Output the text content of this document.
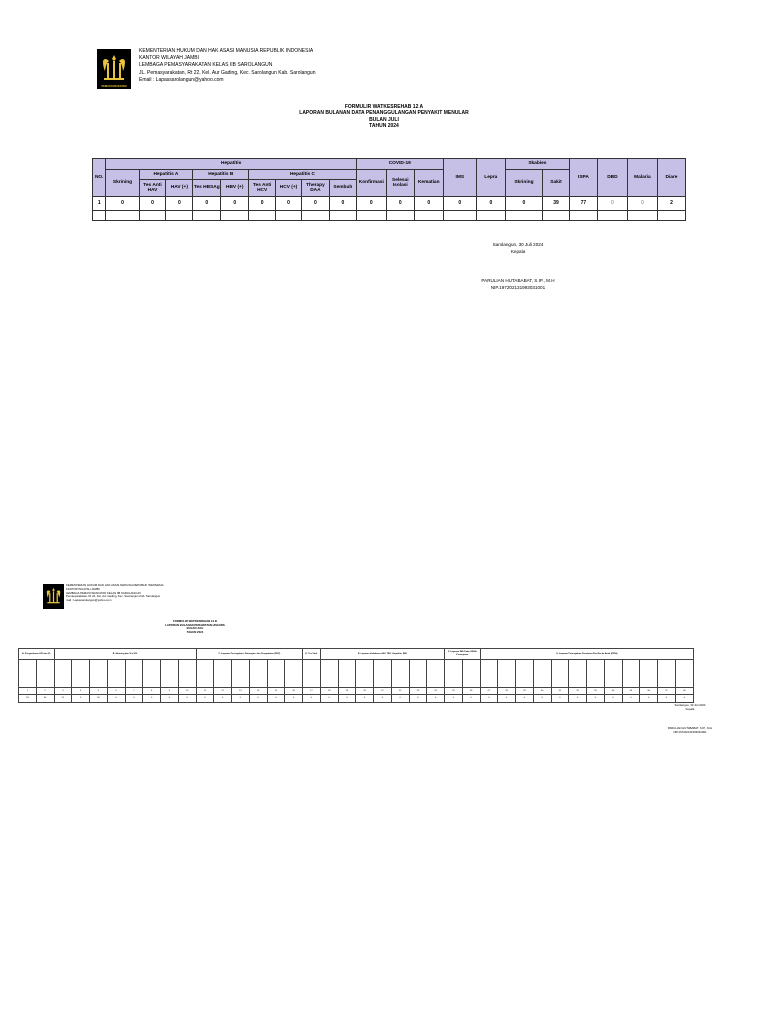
PEMASYARAKATAN
KEMENTERIAN HUKUM DAN HAK ASASI MANUSIA REPUBLIK INDONESIA
KANTOR WILAYAH JAMBI
LEMBAGA PEMASYARAKATAN KELAS IIB SAROLANGUN
JL. Pemasyarakatan, Rt 22, Kel. Aur Gading, Kec. Sarolangun Kab. Sarolangun
Email : Lapassarolangun@yahoo.com
FORMULIR WATKESREHAB 12 A
LAPORAN BULANAN DATA PENANGGULANGAN PENYAKIT MENULAR
BULAN JULI
TAHUN 2024
NO.	Hepatitis									COVID-19			IMS	Lepra	Skabies		ISPA	DBD	Malaria	Diare
	Skrining	Hepatitis A		Hepatitis B		Hepatitis C				Konfirmasi	Selesai Isolasi	Kematian			Skrining	Sakit				
		Tes Anti HAV	HAV (+)	Tes HBSAg	HBV (+)	Tes Anti HCV	HCV (+)	Therapy DAA	Sembuh											
1	0	0	0	0	0	0	0	0	0	0	0	0	0	0	0	39	77	0	0	2

Sarolangun, 30 Juli 2024
Kepala
PARULIAN HUTABABAT, S.IP., M.H
NIP.197202131993031001
KEMENTERIAN HUKUM DAN HAK ASASI MANUSIA REPUBLIK INDONESIA
KANTOR WILAYAH JAMBI
LEMBAGA PEMASYARAKATAN KELAS IIB SAROLANGUN
Pemasyarakatan, Rt 22, Kel. Aur Gading, Kec. Sarolangun Kab. Sarolangun
mail : Lapassarolangun@yahoo.com
FORMULIR WATKESREHAB 12 B
LAPORAN BULANAN PERAWATAN HIV/AIDS
BULAN JULI
TAHUN 2024
A. Pengetahuan HIV dan IO		B. Skrining dan Tes HIV								C. Layanan Pencegahan, Dukungan, dan Pengobatan (PDP)						D. Tes Viral	E. Layanan Kolaborasi HIV, TBC, Hepatitis, IMS							F. Layanan IMS Pada ODHA Perempuan		G. Layanan Pencegahan Penularan Dari Ibu ke Anak (PPIA)											

1	2	3	4	5	6	7	8	9	10	11	12	13	14	15	16	17	18	19	20	21	22	23	24	25	26	27	28	29	30	31	32	33	34	35	36	37	38
34	34	31	3	34	0	0	0	0	0	0	0	0	0	0	0	0	0	0	0	0	0	0	0	0	0	0	0	0	0	0	0	0	0	0	0	0	0
Sarolangun, 30 Juli 2024
Kepala
PARULIAN HUTABABAT, S.IP., M.H
NIP.197202131993031001
